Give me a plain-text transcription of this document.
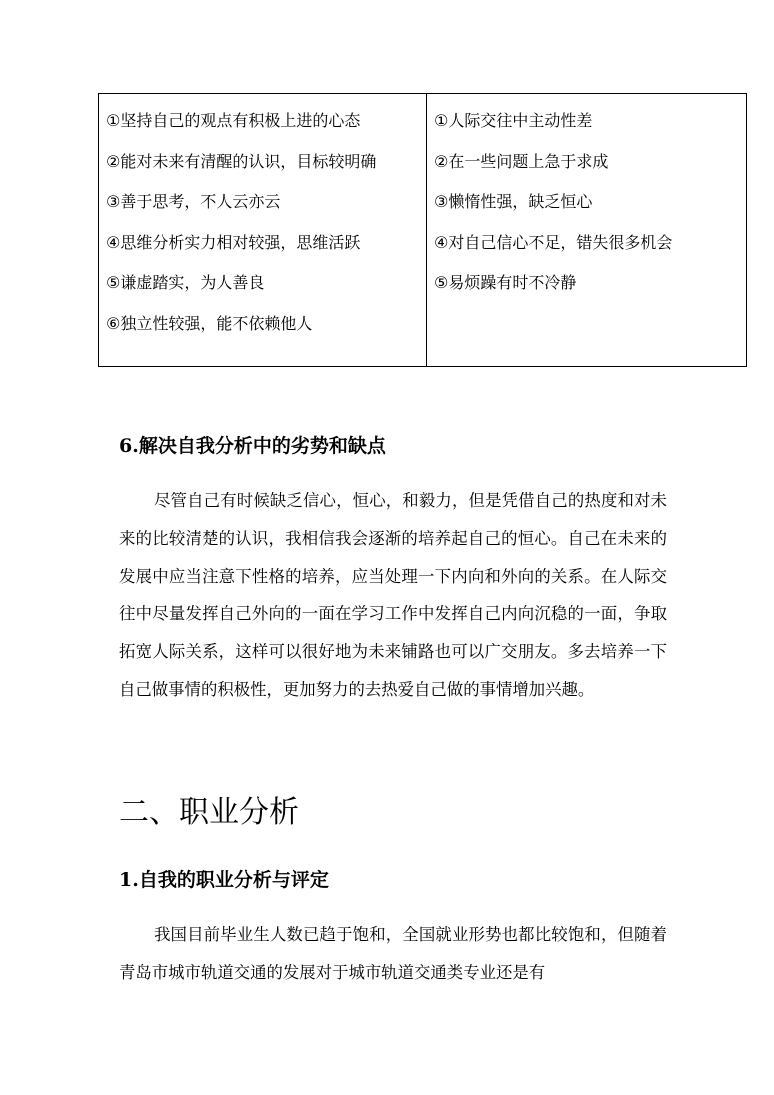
①坚持自己的观点有积极上进的心态
②能对未来有清醒的认识，目标较明确
③善于思考，不人云亦云
④思维分析实力相对较强，思维活跃
⑤谦虚踏实，为人善良
⑥独立性较强，能不依赖他人

①人际交往中主动性差
②在一些问题上急于求成
③懒惰性强，缺乏恒心
④对自己信心不足，错失很多机会
⑤易烦躁有时不冷静
6.解决自我分析中的劣势和缺点

尽管自己有时候缺乏信心，恒心，和毅力，但是凭借自己的热度和对未来的比较清楚的认识，我相信我会逐渐的培养起自己的恒心。自己在未来的发展中应当注意下性格的培养，应当处理一下内向和外向的关系。在人际交往中尽量发挥自己外向的一面在学习工作中发挥自己内向沉稳的一面，争取拓宽人际关系，这样可以很好地为未来铺路也可以广交朋友。多去培养一下自己做事情的积极性，更加努力的去热爱自己做的事情增加兴趣。

二、职业分析
1.自我的职业分析与评定

我国目前毕业生人数已趋于饱和，全国就业形势也都比较饱和，但随着青岛市城市轨道交通的发展对于城市轨道交通类专业还是有
